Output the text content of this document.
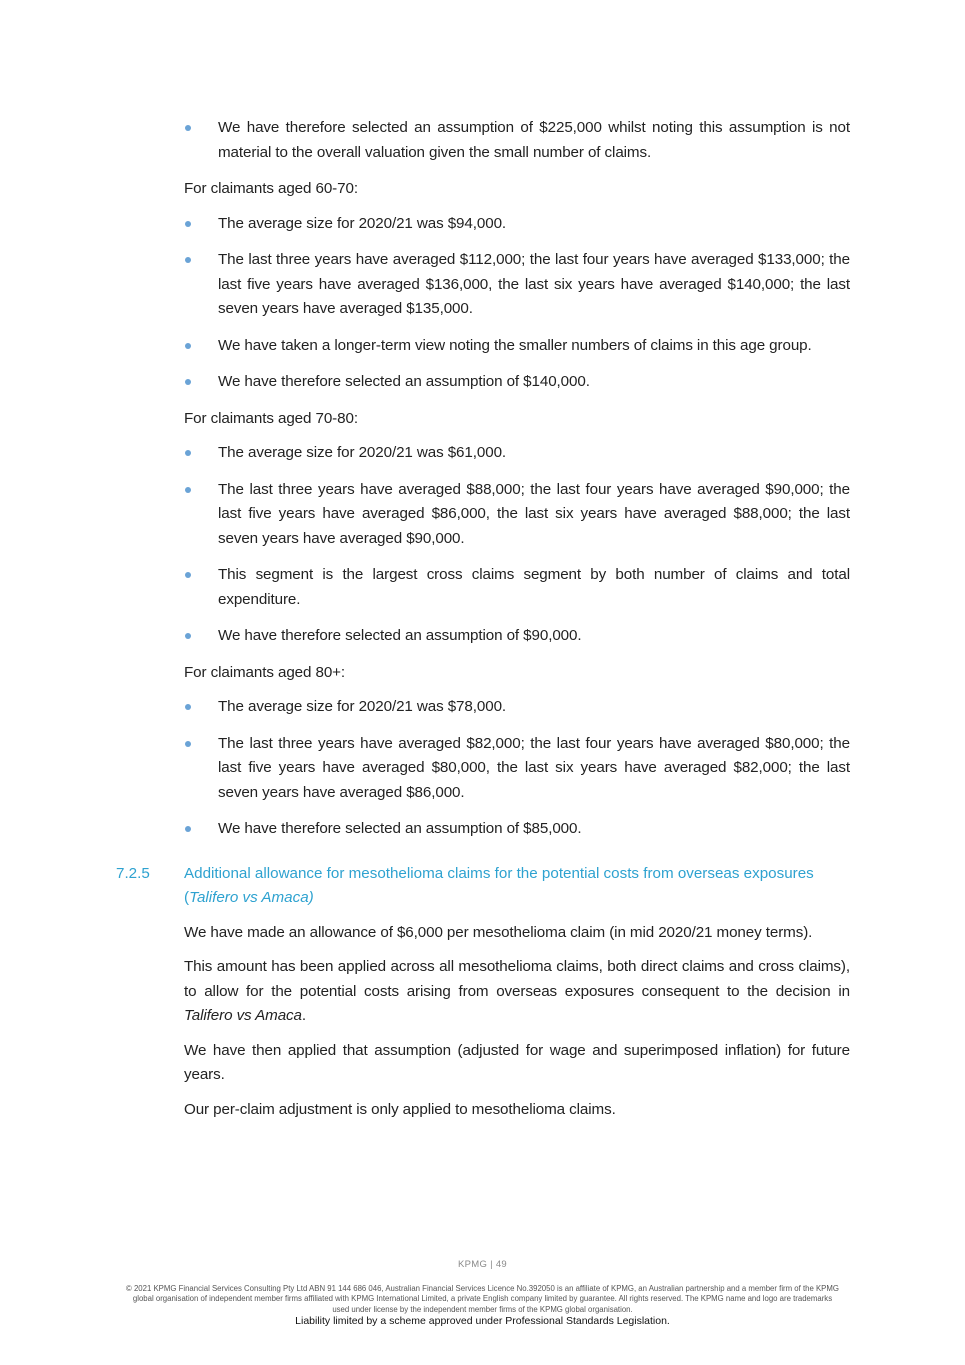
We have therefore selected an assumption of $225,000 whilst noting this assumption is not material to the overall valuation given the small number of claims.

For claimants aged 60-70:

The average size for 2020/21 was $94,000.
The last three years have averaged $112,000; the last four years have averaged $133,000; the last five years have averaged $136,000, the last six years have averaged $140,000; the last seven years have averaged $135,000.
We have taken a longer-term view noting the smaller numbers of claims in this age group.
We have therefore selected an assumption of $140,000.

For claimants aged 70-80:

The average size for 2020/21 was $61,000.
The last three years have averaged $88,000; the last four years have averaged $90,000; the last five years have averaged $86,000, the last six years have averaged $88,000; the last seven years have averaged $90,000.
This segment is the largest cross claims segment by both number of claims and total expenditure.
We have therefore selected an assumption of $90,000.

For claimants aged 80+:

The average size for 2020/21 was $78,000.
The last three years have averaged $82,000; the last four years have averaged $80,000; the last five years have averaged $80,000, the last six years have averaged $82,000; the last seven years have averaged $86,000.
We have therefore selected an assumption of $85,000.
7.2.5 Additional allowance for mesothelioma claims for the potential costs from overseas exposures (Talifero vs Amaca)

We have made an allowance of $6,000 per mesothelioma claim (in mid 2020/21 money terms).

This amount has been applied across all mesothelioma claims, both direct claims and cross claims), to allow for the potential costs arising from overseas exposures consequent to the decision in Talifero vs Amaca.

We have then applied that assumption (adjusted for wage and superimposed inflation) for future years.

Our per-claim adjustment is only applied to mesothelioma claims.

KPMG | 49
© 2021 KPMG Financial Services Consulting Pty Ltd ABN 91 144 686 046, Australian Financial Services Licence No.392050 is an affiliate of KPMG, an Australian partnership and a member firm of the KPMG global organisation of independent member firms affiliated with KPMG International Limited, a private English company limited by guarantee. All rights reserved. The KPMG name and logo are trademarks used under license by the independent member firms of the KPMG global organisation.
Liability limited by a scheme approved under Professional Standards Legislation.
